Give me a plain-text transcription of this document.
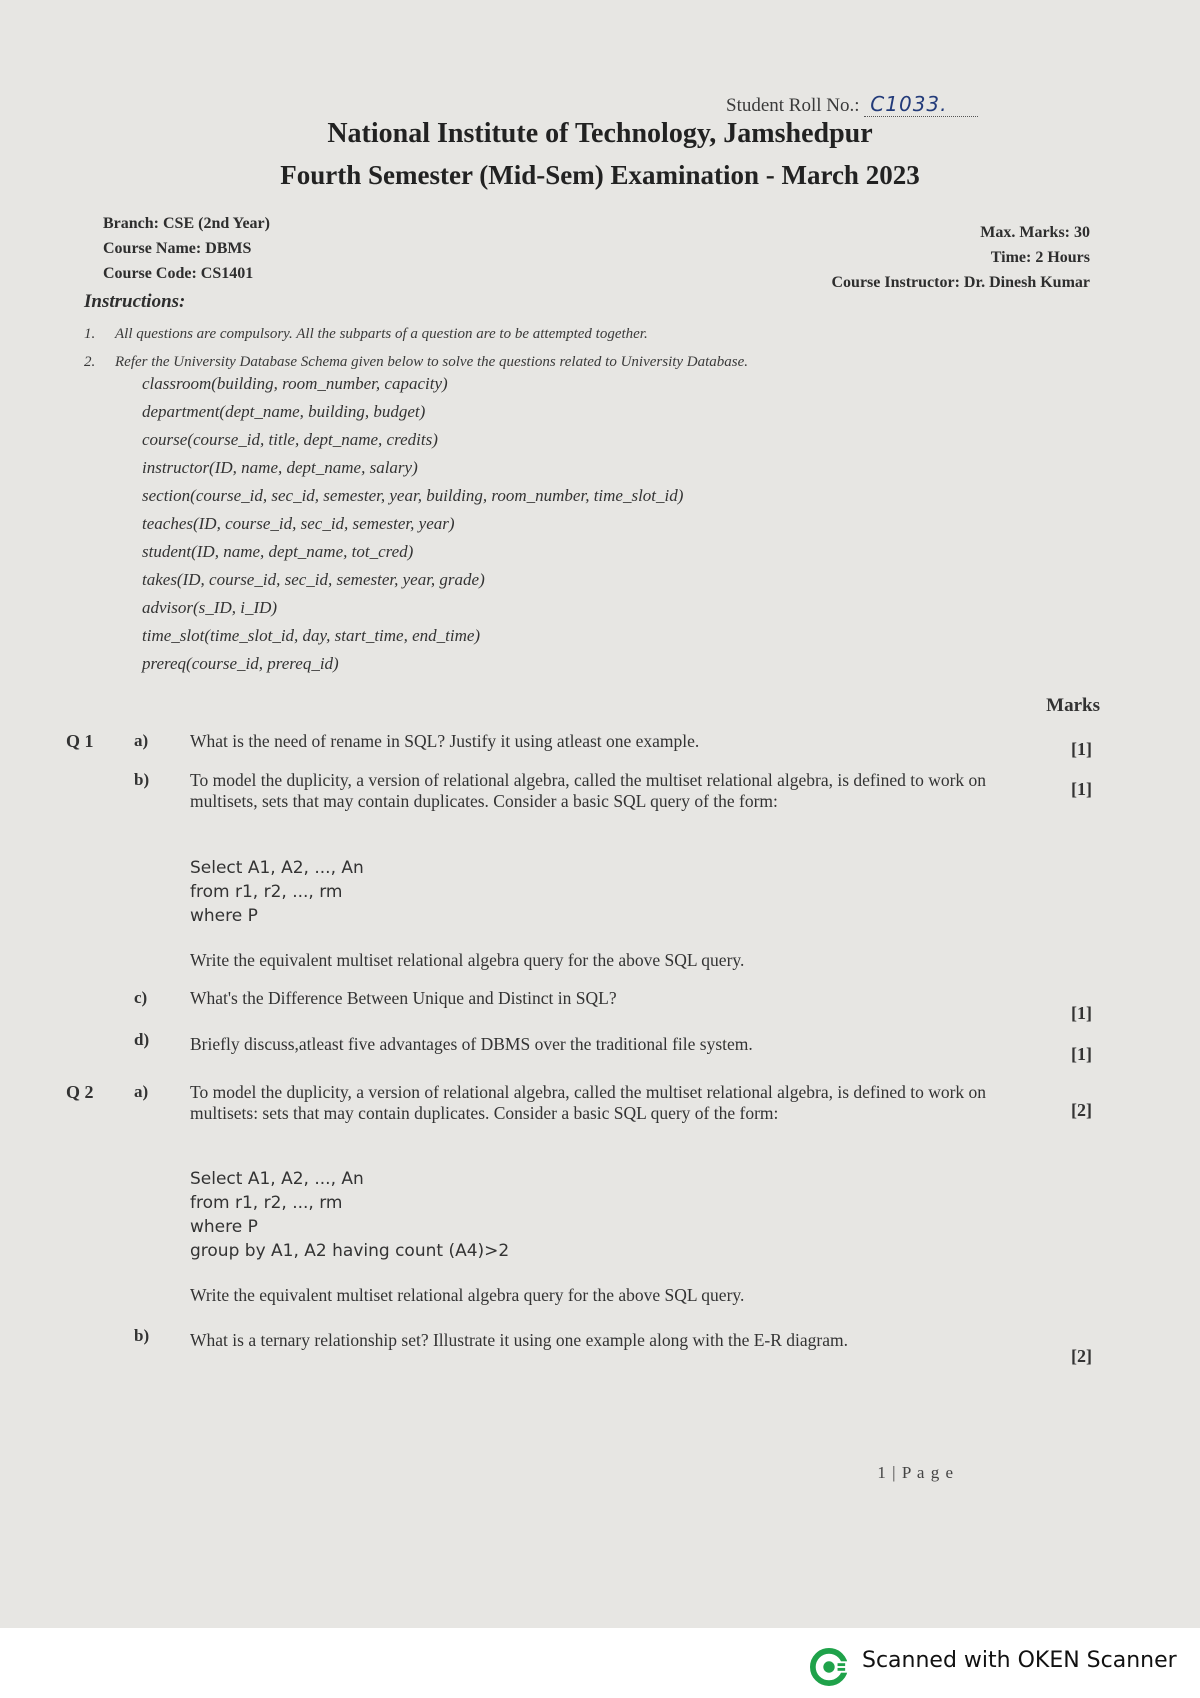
Student Roll No.: C1033.
National Institute of Technology, Jamshedpur
Fourth Semester (Mid-Sem) Examination - March 2023
Branch: CSE (2nd Year)
Course Name: DBMS
Course Code: CS1401
Max. Marks: 30
Time: 2 Hours
Course Instructor: Dr. Dinesh Kumar
Instructions:
1. All questions are compulsory. All the subparts of a question are to be attempted together.
2. Refer the University Database Schema given below to solve the questions related to University Database.
classroom(building, room_number, capacity)
department(dept_name, building, budget)
course(course_id, title, dept_name, credits)
instructor(ID, name, dept_name, salary)
section(course_id, sec_id, semester, year, building, room_number, time_slot_id)
teaches(ID, course_id, sec_id, semester, year)
student(ID, name, dept_name, tot_cred)
takes(ID, course_id, sec_id, semester, year, grade)
advisor(s_ID, i_ID)
time_slot(time_slot_id, day, start_time, end_time)
prereq(course_id, prereq_id)
Marks
Q 1 a) What is the need of rename in SQL? Justify it using atleast one example.	[1]
b) To model the duplicity, a version of relational algebra, called the multiset relational algebra, is defined to work on multisets, sets that may contain duplicates. Consider a basic SQL query of the form:
[1]
Select A1, A2, ..., An
from r1, r2, ..., rm
where P
Write the equivalent multiset relational algebra query for the above SQL query.
c) What's the Difference Between Unique and Distinct in SQL?
[1]
d) Briefly discuss,atleast five advantages of DBMS over the traditional file system.	[1]
Q 2 a) To model the duplicity, a version of relational algebra, called the multiset relational algebra, is defined to work on multisets: sets that may contain duplicates. Consider a basic SQL query of the form:	[2]
Select A1, A2, ..., An
from r1, r2, ..., rm
where P
group by A1, A2 having count (A4)>2
Write the equivalent multiset relational algebra query for the above SQL query.
b) What is a ternary relationship set? Illustrate it using one example along with the E-R diagram.
[2]
1 | P a g e
Scanned with OKEN Scanner
